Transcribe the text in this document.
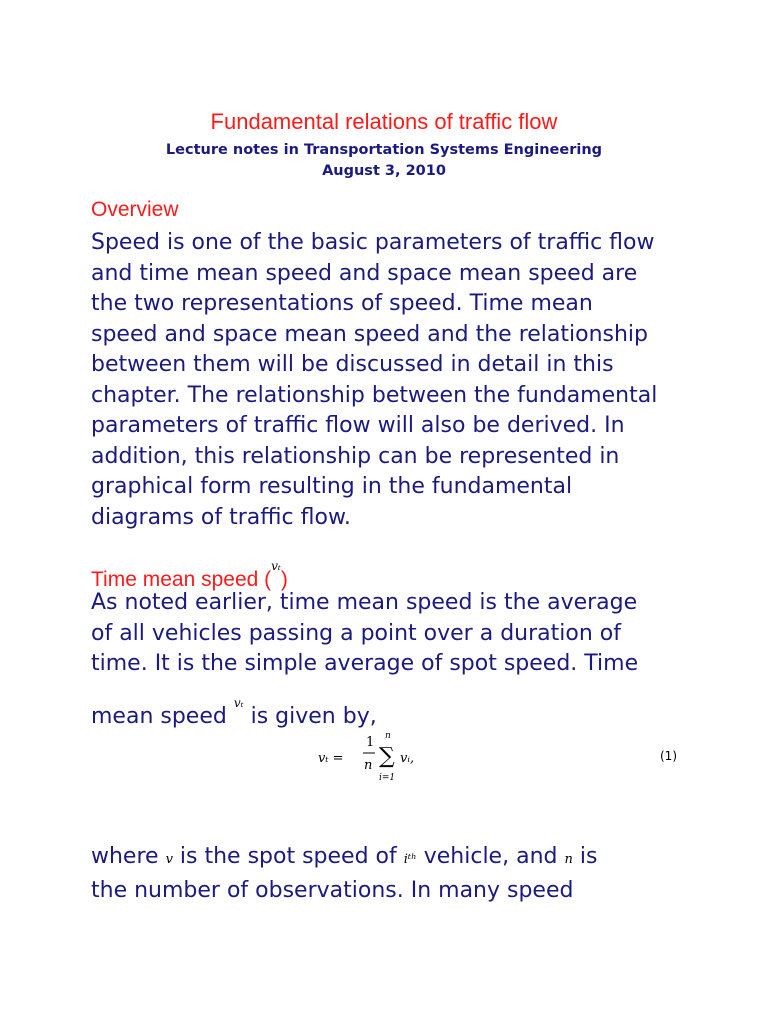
Fundamental relations of traffic flow
Lecture notes in Transportation Systems Engineering
August 3, 2010
Overview
Speed is one of the basic parameters of traffic flow
and time mean speed and space mean speed are
the two representations of speed. Time mean
speed and space mean speed and the relationship
between them will be discussed in detail in this
chapter. The relationship between the fundamental
parameters of traffic flow will also be derived. In
addition, this relationship can be represented in
graphical form resulting in the fundamental
diagrams of traffic flow.
Time mean speed ($^{v_t}$)
As noted earlier, time mean speed is the average
of all vehicles passing a point over a duration of
time. It is the simple average of spot speed. Time
mean speed $^{v_t}$ is given by,
vₜ =
1
n
n
∑
i=1
vᵢ,	(1)
where v is the spot speed of iᵗʰ vehicle, and n is
the number of observations. In many speed
